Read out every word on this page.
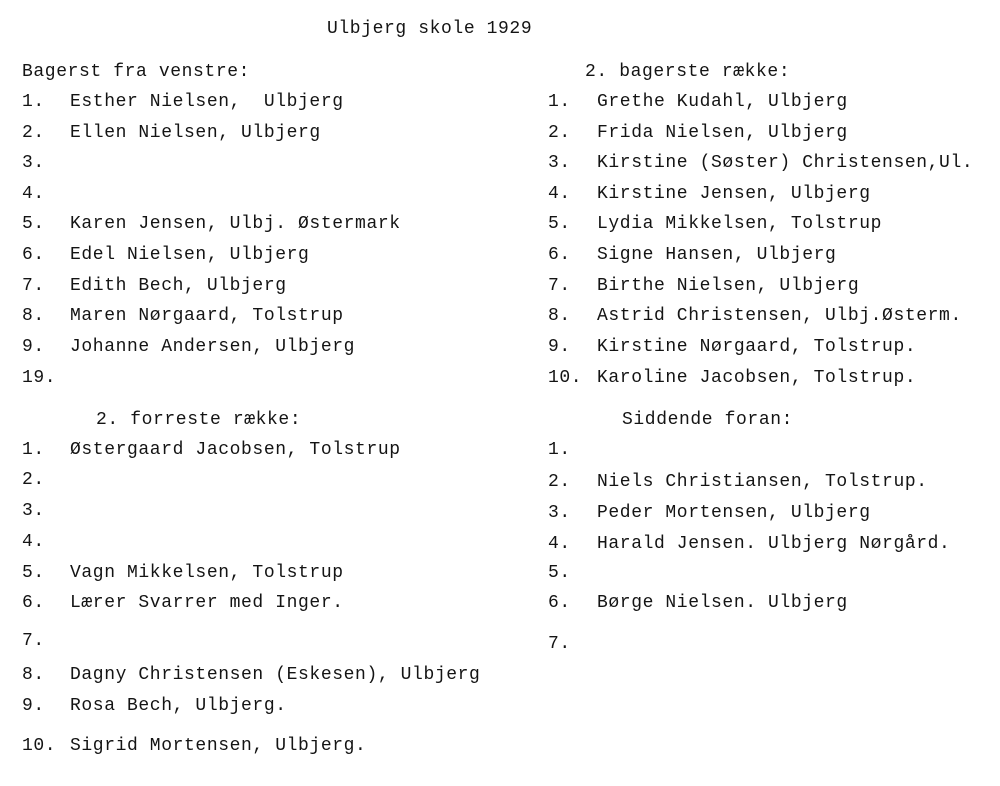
Ulbjerg skole 1929
Bagerst fra venstre:
1. Esther Nielsen,  Ulbjerg
2. Ellen Nielsen, Ulbjerg
3.
4.
5. Karen Jensen, Ulbj. Østermark
6. Edel Nielsen, Ulbjerg
7. Edith Bech, Ulbjerg
8. Maren Nørgaard, Tolstrup
9. Johanne Andersen, Ulbjerg
19.
2. bagerste række:
1. Grethe Kudahl, Ulbjerg
2. Frida Nielsen, Ulbjerg
3. Kirstine (Søster) Christensen,Ul.
4. Kirstine Jensen, Ulbjerg
5. Lydia Mikkelsen, Tolstrup
6. Signe Hansen, Ulbjerg
7. Birthe Nielsen, Ulbjerg
8. Astrid Christensen, Ulbj.Østerm.
9. Kirstine Nørgaard, Tolstrup.
10. Karoline Jacobsen, Tolstrup.
2. forreste række:
1. Østergaard Jacobsen, Tolstrup
2.
3.
4.
5. Vagn Mikkelsen, Tolstrup
6. Lærer Svarrer med Inger.
7.
8. Dagny Christensen (Eskesen), Ulbjerg
9. Rosa Bech, Ulbjerg.
10. Sigrid Mortensen, Ulbjerg.
Siddende foran:
1.
2. Niels Christiansen, Tolstrup.
3. Peder Mortensen, Ulbjerg
4. Harald Jensen. Ulbjerg Nørgård.
5.
6. Børge Nielsen. Ulbjerg
7.
